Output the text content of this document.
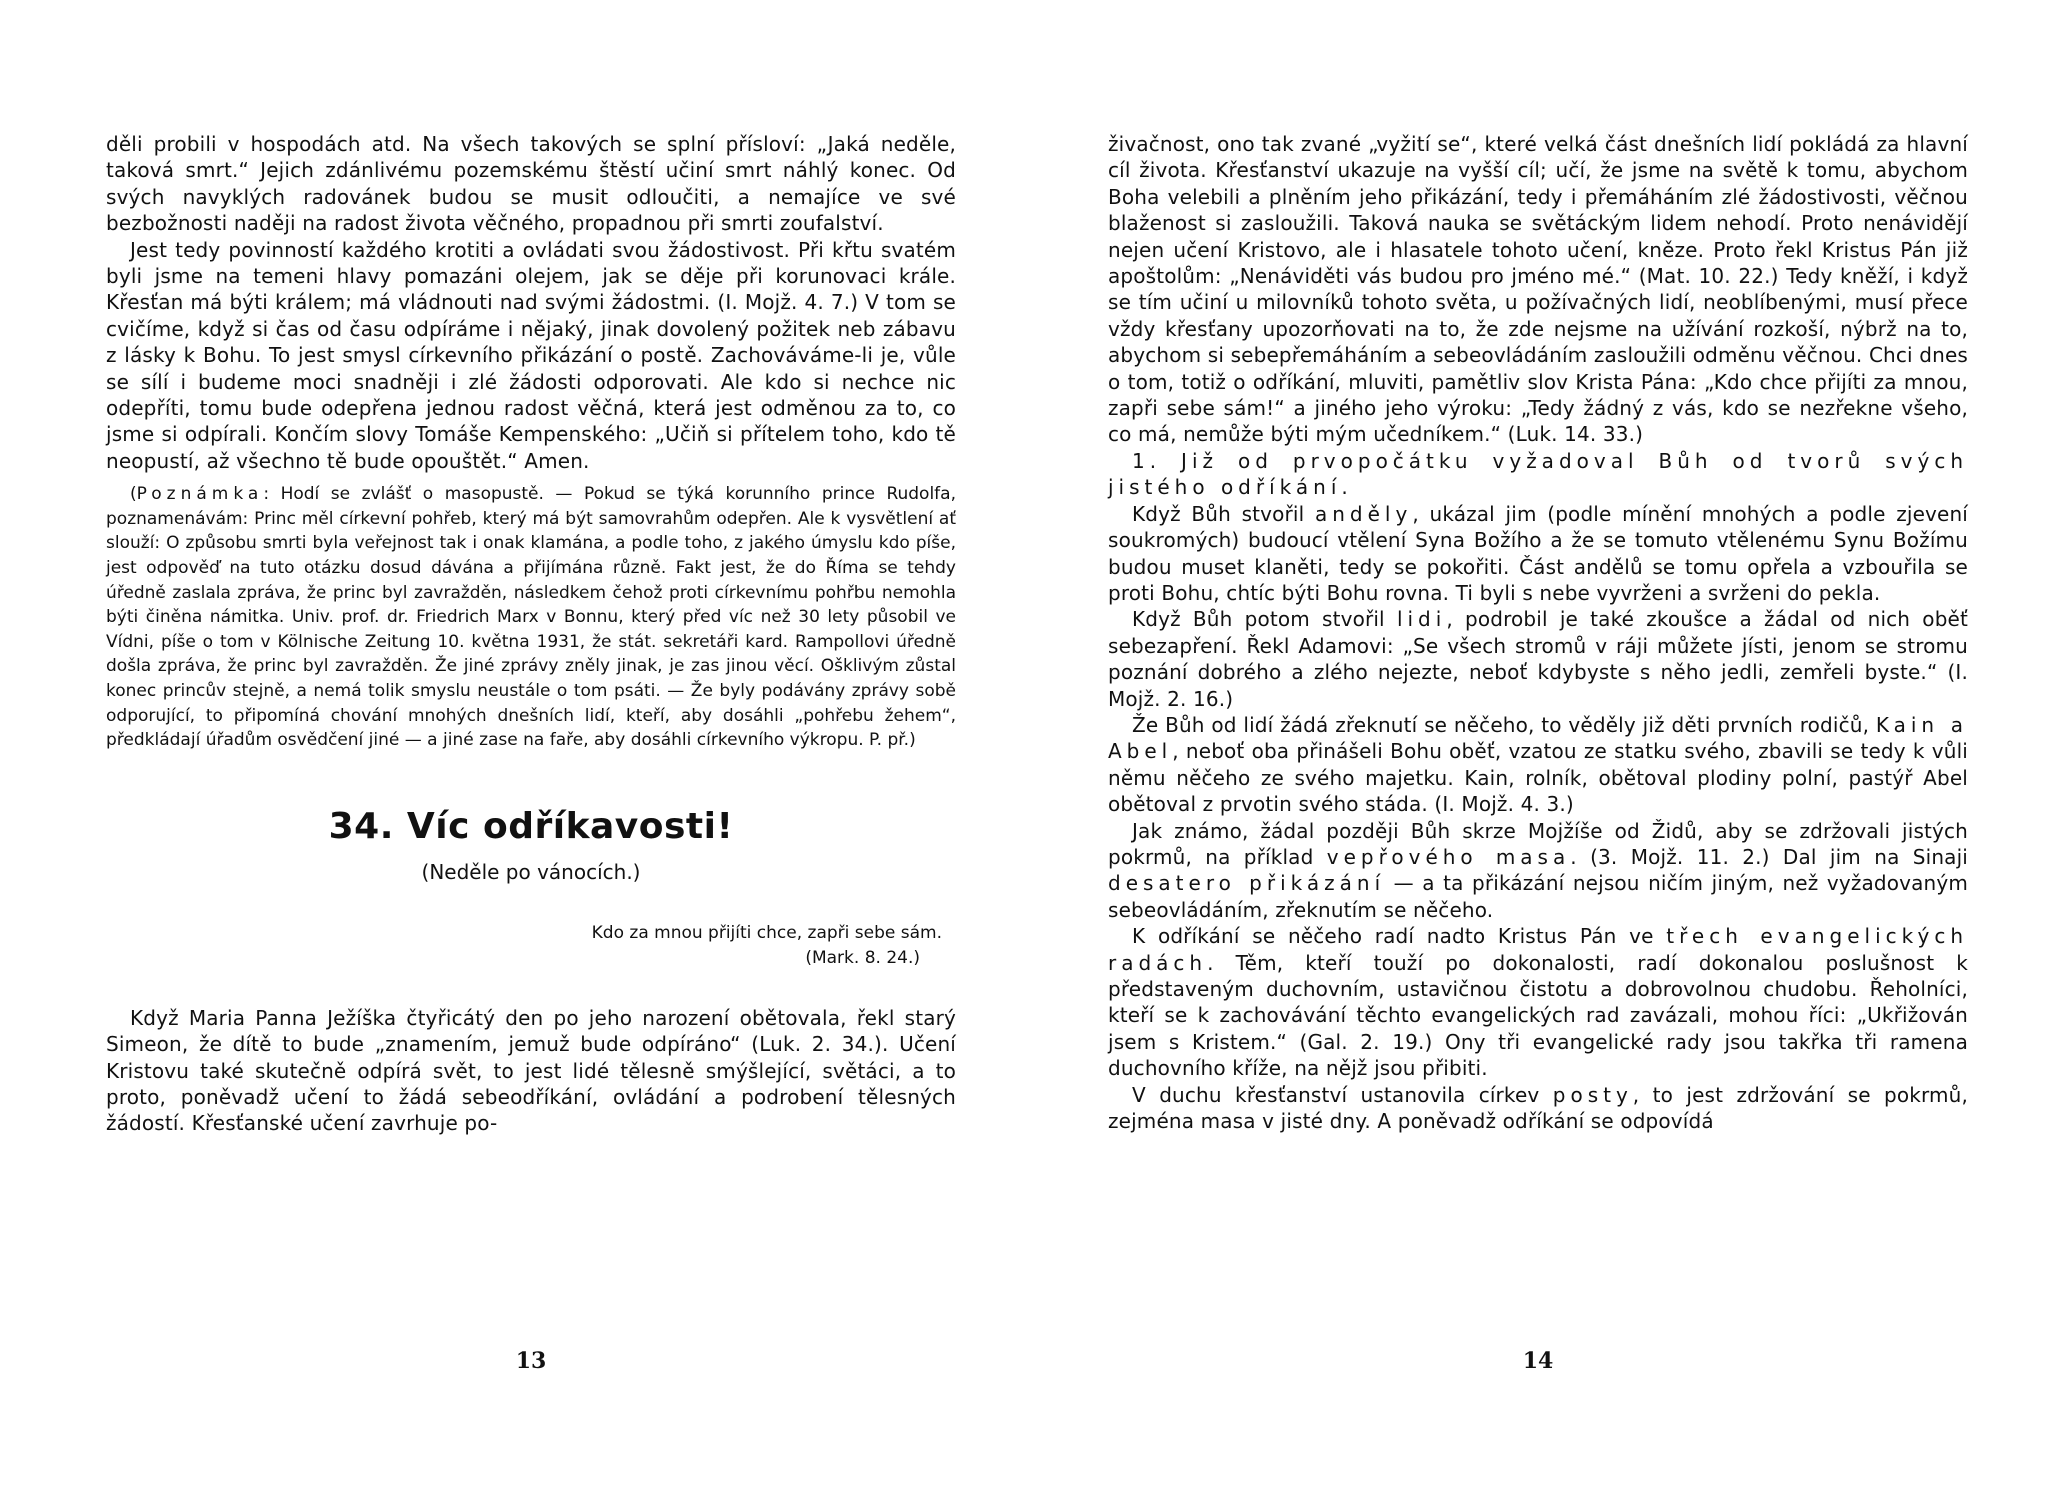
děli probili v hospodách atd. Na všech takových se splní přísloví: „Jaká neděle, taková smrt.“ Jejich zdánlivému pozemskému štěstí učiní smrt náhlý konec. Od svých navyklých radovánek budou se musit odloučiti, a nemajíce ve své bezbožnosti naději na radost života věčného, propadnou při smrti zoufalství.

Jest tedy povinností každého krotiti a ovládati svou žádostivost. Při křtu svatém byli jsme na temeni hlavy pomazáni olejem, jak se děje při korunovaci krále. Křesťan má býti králem; má vládnouti nad svými žádostmi. (I. Mojž. 4. 7.) V tom se cvičíme, když si čas od času odpíráme i nějaký, jinak dovolený požitek neb zábavu z lásky k Bohu. To jest smysl církevního přikázání o postě. Zachováváme-li je, vůle se sílí i budeme moci snadněji i zlé žádosti odporovati. Ale kdo si nechce nic odepříti, tomu bude odepřena jednou radost věčná, která jest odměnou za to, co jsme si odpírali. Končím slovy Tomáše Kempenského: „Učiň si přítelem toho, kdo tě neopustí, až všechno tě bude opouštět.“ Amen.

(Poznámka: Hodí se zvlášť o masopustě. — Pokud se týká korunního prince Rudolfa, poznamenávám: Princ měl církevní pohřeb, který má být samovrahům odepřen. Ale k vysvětlení ať slouží: O způsobu smrti byla veřejnost tak i onak klamána, a podle toho, z jakého úmyslu kdo píše, jest odpověď na tuto otázku dosud dávána a přijímána různě. Fakt jest, že do Říma se tehdy úředně zaslala zpráva, že princ byl zavražděn, následkem čehož proti církevnímu pohřbu nemohla býti činěna námitka. Univ. prof. dr. Friedrich Marx v Bonnu, který před víc než 30 lety působil ve Vídni, píše o tom v Kölnische Zeitung 10. května 1931, že stát. sekretáři kard. Rampollovi úředně došla zpráva, že princ byl zavražděn. Že jiné zprávy zněly jinak, je zas jinou věcí. Ošklivým zůstal konec princův stejně, a nemá tolik smyslu neustále o tom psáti. — Že byly podávány zprávy sobě odporující, to připomíná chování mnohých dnešních lidí, kteří, aby dosáhli „pohřebu žehem“, předkládají úřadům osvědčení jiné — a jiné zase na faře, aby dosáhli církevního výkropu. P. př.)

34. Víc odříkavosti!
(Neděle po vánocích.)
Kdo za mnou přijíti chce, zapři sebe sám.
(Mark. 8. 24.)

Když Maria Panna Ježíška čtyřicátý den po jeho narození obětovala, řekl starý Simeon, že dítě to bude „znamením, jemuž bude odpíráno“ (Luk. 2. 34.). Učení Kristovu také skutečně odpírá svět, to jest lidé tělesně smýšlející, světáci, a to proto, poněvadž učení to žádá sebeodříkání, ovládání a podrobení tělesných žádostí. Křesťanské učení zavrhuje po-

13

živačnost, ono tak zvané „vyžití se“, které velká část dnešních lidí pokládá za hlavní cíl života. Křesťanství ukazuje na vyšší cíl; učí, že jsme na světě k tomu, abychom Boha velebili a plněním jeho přikázání, tedy i přemáháním zlé žádostivosti, věčnou blaženost si zasloužili. Taková nauka se světáckým lidem nehodí. Proto nenávidějí nejen učení Kristovo, ale i hlasatele tohoto učení, kněze. Proto řekl Kristus Pán již apoštolům: „Nenáviděti vás budou pro jméno mé.“ (Mat. 10. 22.) Tedy kněží, i když se tím učiní u milovníků tohoto světa, u požívačných lidí, neoblíbenými, musí přece vždy křesťany upozorňovati na to, že zde nejsme na užívání rozkoší, nýbrž na to, abychom si sebepřemáháním a sebeovládáním zasloužili odměnu věčnou. Chci dnes o tom, totiž o odříkání, mluviti, pamětliv slov Krista Pána: „Kdo chce přijíti za mnou, zapři sebe sám!“ a jiného jeho výroku: „Tedy žádný z vás, kdo se nezřekne všeho, co má, nemůže býti mým učedníkem.“ (Luk. 14. 33.)

1. Již od prvopočátku vyžadoval Bůh od tvorů svých jistého odříkání.

Když Bůh stvořil anděly, ukázal jim (podle mínění mnohých a podle zjevení soukromých) budoucí vtělení Syna Božího a že se tomuto vtělenému Synu Božímu budou muset klaněti, tedy se pokořiti. Část andělů se tomu opřela a vzbouřila se proti Bohu, chtíc býti Bohu rovna. Ti byli s nebe vyvrženi a svrženi do pekla.

Když Bůh potom stvořil lidi, podrobil je také zkoušce a žádal od nich oběť sebezapření. Řekl Adamovi: „Se všech stromů v ráji můžete jísti, jenom se stromu poznání dobrého a zlého nejezte, neboť kdybyste s něho jedli, zemřeli byste.“ (I. Mojž. 2. 16.)

Že Bůh od lidí žádá zřeknutí se něčeho, to věděly již děti prvních rodičů, Kain a Abel, neboť oba přinášeli Bohu oběť, vzatou ze statku svého, zbavili se tedy k vůli němu něčeho ze svého majetku. Kain, rolník, obětoval plodiny polní, pastýř Abel obětoval z prvotin svého stáda. (I. Mojž. 4. 3.)

Jak známo, žádal později Bůh skrze Mojžíše od Židů, aby se zdržovali jistých pokrmů, na příklad vepřového masa. (3. Mojž. 11. 2.) Dal jim na Sinaji desatero přikázání — a ta přikázání nejsou ničím jiným, než vyžadovaným sebeovládáním, zřeknutím se něčeho.

K odříkání se něčeho radí nadto Kristus Pán ve třech evangelických radách. Těm, kteří touží po dokonalosti, radí dokonalou poslušnost k představeným duchovním, ustavičnou čistotu a dobrovolnou chudobu. Řeholníci, kteří se k zachovávání těchto evangelických rad zavázali, mohou říci: „Ukřižován jsem s Kristem.“ (Gal. 2. 19.) Ony tři evangelické rady jsou takřka tři ramena duchovního kříže, na nějž jsou přibiti.

V duchu křesťanství ustanovila církev posty, to jest zdržování se pokrmů, zejména masa v jisté dny. A poněvadž odříkání se odpovídá

14
